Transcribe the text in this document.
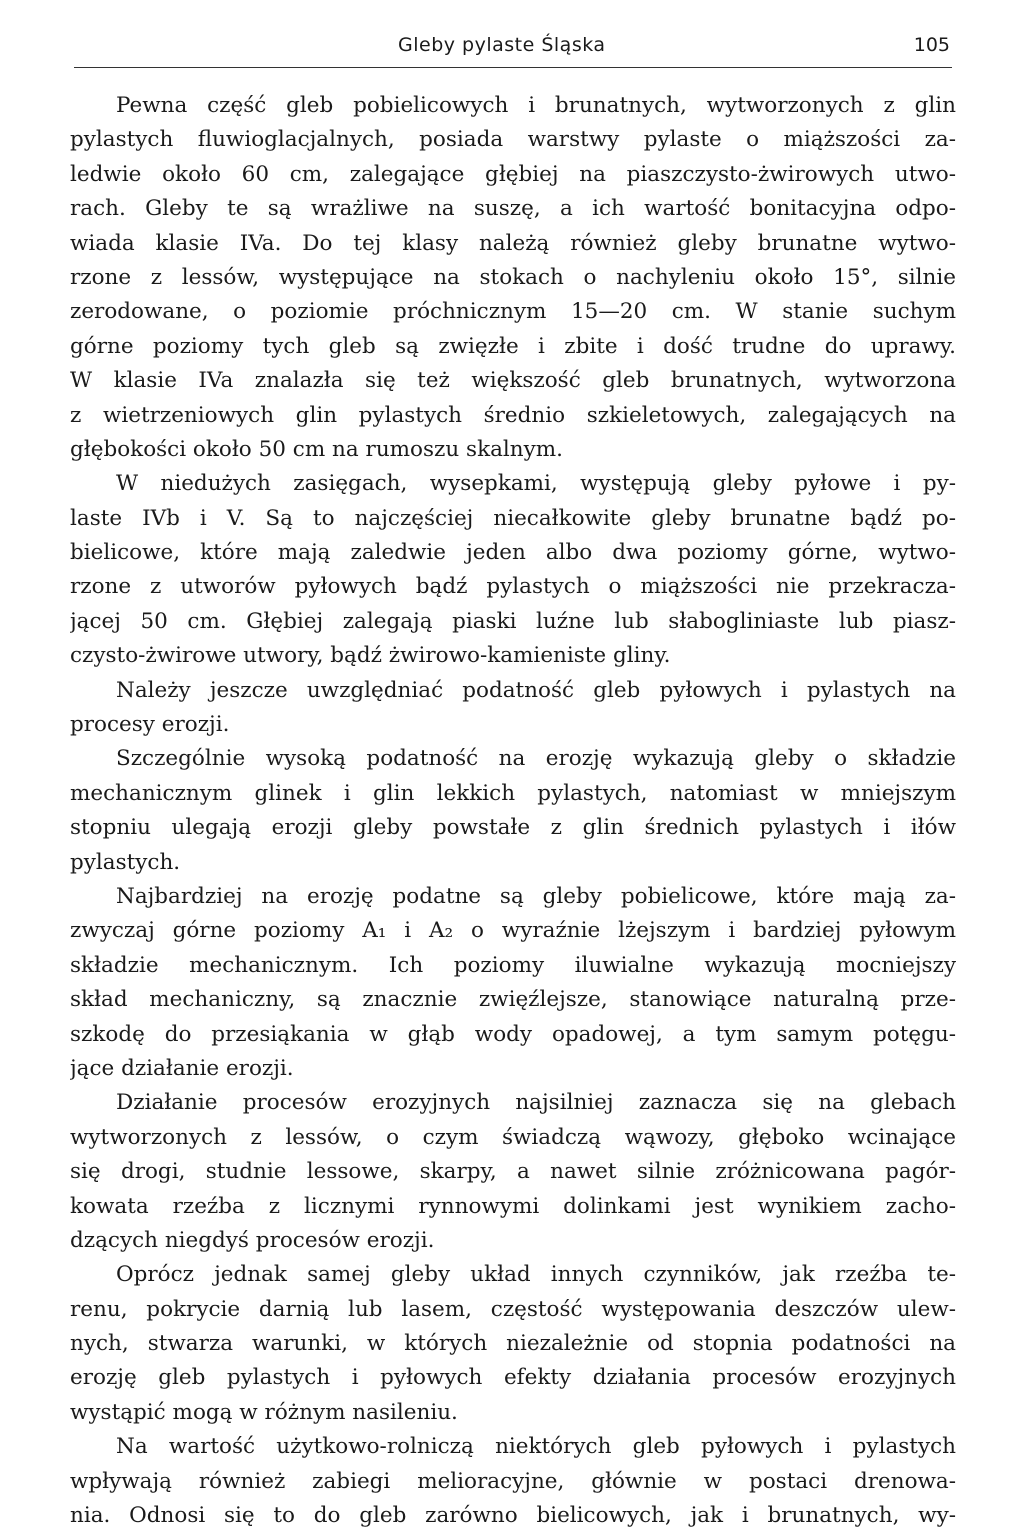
Gleby pylaste Śląska	105
Pewna część gleb pobielicowych i brunatnych, wytworzonych z glin
pylastych fluwioglacjalnych, posiada warstwy pylaste o miąższości za-
ledwie około 60 cm, zalegające głębiej na piaszczysto-żwirowych utwo-
rach. Gleby te są wrażliwe na suszę, a ich wartość bonitacyjna odpo-
wiada klasie IVa. Do tej klasy należą również gleby brunatne wytwo-
rzone z lessów, występujące na stokach o nachyleniu około 15°, silnie
zerodowane, o poziomie próchnicznym 15—20 cm. W stanie suchym
górne poziomy tych gleb są zwięzłe i zbite i dość trudne do uprawy.
W klasie IVa znalazła się też większość gleb brunatnych, wytworzona
z wietrzeniowych glin pylastych średnio szkieletowych, zalegających na
głębokości około 50 cm na rumoszu skalnym.
W niedużych zasięgach, wysepkami, występują gleby pyłowe i py-
laste IVb i V. Są to najczęściej niecałkowite gleby brunatne bądź po-
bielicowe, które mają zaledwie jeden albo dwa poziomy górne, wytwo-
rzone z utworów pyłowych bądź pylastych o miąższości nie przekracza-
jącej 50 cm. Głębiej zalegają piaski luźne lub słabogliniaste lub piasz-
czysto-żwirowe utwory, bądź żwirowo-kamieniste gliny.
Należy jeszcze uwzględniać podatność gleb pyłowych i pylastych na
procesy erozji.
Szczególnie wysoką podatność na erozję wykazują gleby o składzie
mechanicznym glinek i glin lekkich pylastych, natomiast w mniejszym
stopniu ulegają erozji gleby powstałe z glin średnich pylastych i iłów
pylastych.
Najbardziej na erozję podatne są gleby pobielicowe, które mają za-
zwyczaj górne poziomy A₁ i A₂ o wyraźnie lżejszym i bardziej pyłowym
składzie mechanicznym. Ich poziomy iluwialne wykazują mocniejszy
skład mechaniczny, są znacznie zwięźlejsze, stanowiące naturalną prze-
szkodę do przesiąkania w głąb wody opadowej, a tym samym potęgu-
jące działanie erozji.
Działanie procesów erozyjnych najsilniej zaznacza się na glebach
wytworzonych z lessów, o czym świadczą wąwozy, głęboko wcinające
się drogi, studnie lessowe, skarpy, a nawet silnie zróżnicowana pagór-
kowata rzeźba z licznymi rynnowymi dolinkami jest wynikiem zacho-
dzących niegdyś procesów erozji.
Oprócz jednak samej gleby układ innych czynników, jak rzeźba te-
renu, pokrycie darnią lub lasem, częstość występowania deszczów ulew-
nych, stwarza warunki, w których niezależnie od stopnia podatności na
erozję gleb pylastych i pyłowych efekty działania procesów erozyjnych
wystąpić mogą w różnym nasileniu.
Na wartość użytkowo-rolniczą niektórych gleb pyłowych i pylastych
wpływają również zabiegi melioracyjne, głównie w postaci drenowa-
nia. Odnosi się to do gleb zarówno bielicowych, jak i brunatnych, wy-
